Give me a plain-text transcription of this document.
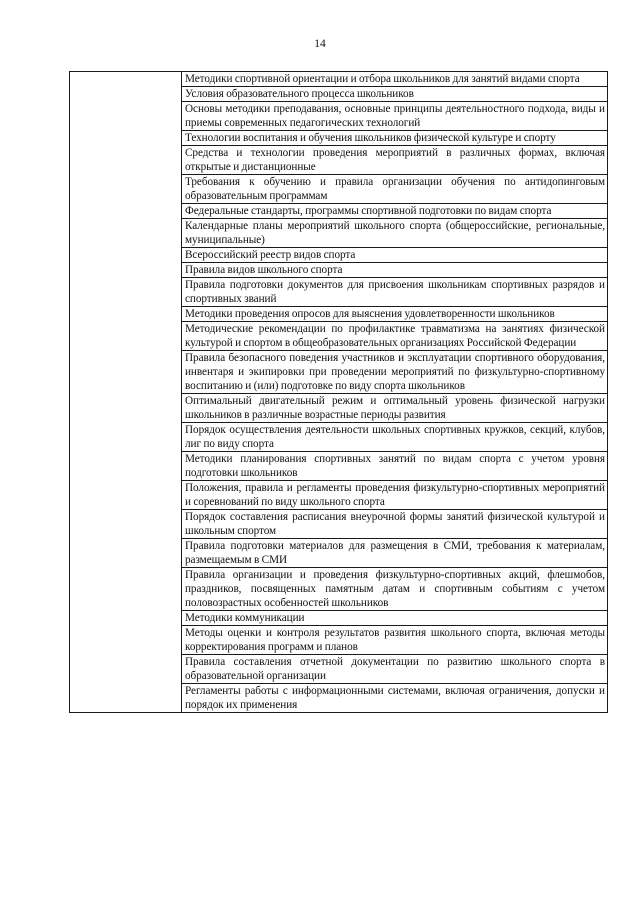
14
	Методики спортивной ориентации и отбора школьников для занятий видами спорта
Условия образовательного процесса школьников
Основы методики преподавания, основные принципы деятельностного подхода, виды и приемы современных педагогических технологий
Технологии воспитания и обучения школьников физической культуре и спорту
Средства и технологии проведения мероприятий в различных формах, включая открытые и дистанционные
Требования к обучению и правила организации обучения по антидопинговым образовательным программам
Федеральные стандарты, программы спортивной подготовки по видам спорта
Календарные планы мероприятий школьного спорта (общероссийские, региональные, муниципальные)
Всероссийский реестр видов спорта
Правила видов школьного спорта
Правила подготовки документов для присвоения школьникам спортивных разрядов и спортивных званий
Методики проведения опросов для выяснения удовлетворенности школьников
Методические рекомендации по профилактике травматизма на занятиях физической культурой и спортом в общеобразовательных организациях Российской Федерации
Правила безопасного поведения участников и эксплуатации спортивного оборудования, инвентаря и экипировки при проведении мероприятий по физкультурно-спортивному воспитанию и (или) подготовке по виду спорта школьников
Оптимальный двигательный режим и оптимальный уровень физической нагрузки школьников в различные возрастные периоды развития
Порядок осуществления деятельности школьных спортивных кружков, секций, клубов, лиг по виду спорта
Методики планирования спортивных занятий по видам спорта с учетом уровня подготовки школьников
Положения, правила и регламенты проведения физкультурно-спортивных мероприятий и соревнований по виду школьного спорта
Порядок составления расписания внеурочной формы занятий физической культурой и школьным спортом
Правила подготовки материалов для размещения в СМИ, требования к материалам, размещаемым в СМИ
Правила организации и проведения физкультурно-спортивных акций, флешмобов, праздников, посвященных памятным датам и спортивным событиям с учетом половозрастных особенностей школьников
Методики коммуникации
Методы оценки и контроля результатов развития школьного спорта, включая методы корректирования программ и планов
Правила составления отчетной документации по развитию школьного спорта в образовательной организации
Регламенты работы с информационными системами, включая ограничения, допуски и порядок их применения
